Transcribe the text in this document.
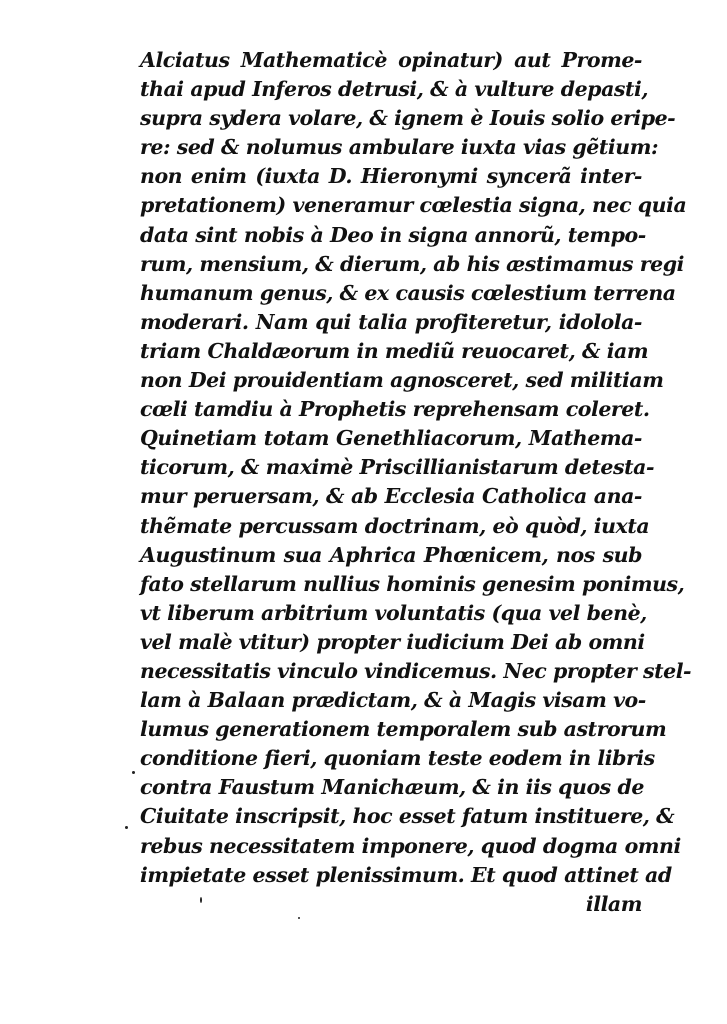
Alciatus Mathematicè opinatur) aut Prome-
thai apud Inferos detrusi, & à vulture depasti,
supra sydera volare, & ignem è Iouis solio eripe-
re: sed & nolumus ambulare iuxta vias gẽtium:
non enim (iuxta D. Hieronymi syncerã inter-
pretationem) veneramur cœlestia signa, nec quia
data sint nobis à Deo in signa annorũ, tempo-
rum, mensium, & dierum, ab his æstimamus regi
humanum genus, & ex causis cœlestium terrena
moderari. Nam qui talia profiteretur, idolola-
triam Chaldæorum in mediũ reuocaret, & iam
non Dei prouidentiam agnosceret, sed militiam
cœli tamdiu à Prophetis reprehensam coleret.
Quinetiam totam Genethliacorum, Mathema-
ticorum, & maximè Priscillianistarum detesta-
mur peruersam, & ab Ecclesia Catholica ana-
thẽmate percussam doctrinam, eò quòd, iuxta
Augustinum sua Aphrica Phœnicem, nos sub
fato stellarum nullius hominis genesim ponimus,
vt liberum arbitrium voluntatis (qua vel benè,
vel malè vtitur) propter iudicium Dei ab omni
necessitatis vinculo vindicemus. Nec propter stel-
lam à Balaan prædictam, & à Magis visam vo-
lumus generationem temporalem sub astrorum
conditione fieri, quoniam teste eodem in libris
contra Faustum Manichæum, & in iis quos de
Ciuitate inscripsit, hoc esset fatum instituere, &
rebus necessitatem imponere, quod dogma omni
impietate esset plenissimum. Et quod attinet ad
illam
